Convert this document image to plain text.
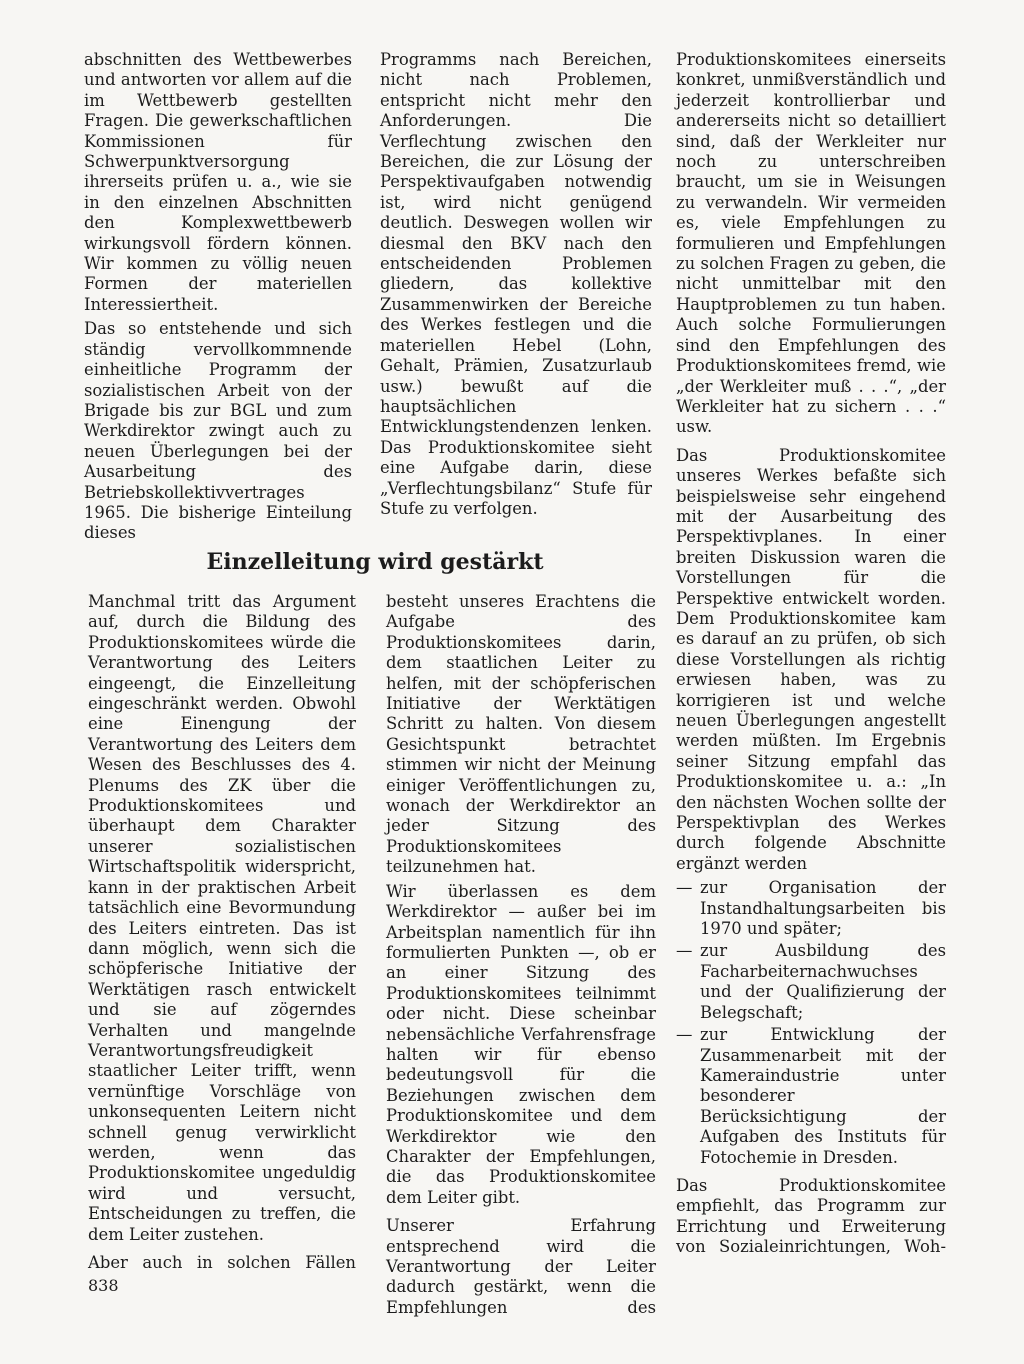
abschnitten des Wettbewerbes und antworten vor allem auf die im Wettbewerb gestellten Fragen. Die gewerkschaftlichen Kommissionen für Schwerpunktversorgung ihrerseits prüfen u. a., wie sie in den einzelnen Abschnitten den Komplexwettbewerb wirkungsvoll fördern können. Wir kommen zu völlig neuen Formen der materiellen Interessiertheit.

Das so entstehende und sich ständig vervollkommnende einheitliche Programm der sozialistischen Arbeit von der Brigade bis zur BGL und zum Werkdirektor zwingt auch zu neuen Überlegungen bei der Ausarbeitung des Betriebskollektivvertrages 1965. Die bisherige Einteilung dieses

Programms nach Bereichen, nicht nach Problemen, entspricht nicht mehr den Anforderungen. Die Verflechtung zwischen den Bereichen, die zur Lösung der Perspektivaufgaben notwendig ist, wird nicht genügend deutlich. Deswegen wollen wir diesmal den BKV nach den entscheidenden Problemen gliedern, das kollektive Zusammenwirken der Bereiche des Werkes festlegen und die materiellen Hebel (Lohn, Gehalt, Prämien, Zusatzurlaub usw.) bewußt auf die hauptsächlichen Entwicklungstendenzen lenken. Das Produktionskomitee sieht eine Aufgabe darin, diese „Verflechtungsbilanz“ Stufe für Stufe zu verfolgen.

Produktionskomitees einerseits konkret, unmißverständlich und jederzeit kontrollierbar und andererseits nicht so detailliert sind, daß der Werkleiter nur noch zu unterschreiben braucht, um sie in Weisungen zu verwandeln. Wir vermeiden es, viele Empfehlungen zu formulieren und Empfehlungen zu solchen Fragen zu geben, die nicht unmittelbar mit den Hauptproblemen zu tun haben. Auch solche Formulierungen sind den Empfehlungen des Produktionskomitees fremd, wie „der Werkleiter muß . . .“, „der Werkleiter hat zu sichern . . .“ usw.

Das Produktionskomitee unseres Werkes befaßte sich beispielsweise sehr eingehend mit der Ausarbeitung des Perspektivplanes. In einer breiten Diskussion waren die Vorstellungen für die Perspektive entwickelt worden. Dem Produktionskomitee kam es darauf an zu prüfen, ob sich diese Vorstellungen als richtig erwiesen haben, was zu korrigieren ist und welche neuen Überlegungen angestellt werden müßten. Im Ergebnis seiner Sitzung empfahl das Produktionskomitee u. a.: „In den nächsten Wochen sollte der Perspektivplan des Werkes durch folgende Abschnitte ergänzt werden

— zur Organisation der Instandhaltungsarbeiten bis 1970 und später;
— zur Ausbildung des Facharbeiternachwuchses und der Qualifizierung der Belegschaft;
— zur Entwicklung der Zusammenarbeit mit der Kameraindustrie unter besonderer Berücksichtigung der Aufgaben des Instituts für Fotochemie in Dresden.

Das Produktionskomitee empfiehlt, das Programm zur Errichtung und Erweiterung von Sozialeinrichtungen, Woh-

Einzelleitung wird gestärkt

Manchmal tritt das Argument auf, durch die Bildung des Produktionskomitees würde die Verantwortung des Leiters eingeengt, die Einzelleitung eingeschränkt werden. Obwohl eine Einengung der Verantwortung des Leiters dem Wesen des Beschlusses des 4. Plenums des ZK über die Produktionskomitees und überhaupt dem Charakter unserer sozialistischen Wirtschaftspolitik widerspricht, kann in der praktischen Arbeit tatsächlich eine Bevormundung des Leiters eintreten. Das ist dann möglich, wenn sich die schöpferische Initiative der Werktätigen rasch entwickelt und sie auf zögerndes Verhalten und mangelnde Verantwortungsfreudigkeit staatlicher Leiter trifft, wenn vernünftige Vorschläge von unkonsequenten Leitern nicht schnell genug verwirklicht werden, wenn das Produktionskomitee ungeduldig wird und versucht, Entscheidungen zu treffen, die dem Leiter zustehen.

Aber auch in solchen Fällen

besteht unseres Erachtens die Aufgabe des Produktionskomitees darin, dem staatlichen Leiter zu helfen, mit der schöpferischen Initiative der Werktätigen Schritt zu halten. Von diesem Gesichtspunkt betrachtet stimmen wir nicht der Meinung einiger Veröffentlichungen zu, wonach der Werkdirektor an jeder Sitzung des Produktionskomitees teilzunehmen hat.

Wir überlassen es dem Werkdirektor — außer bei im Arbeitsplan namentlich für ihn formulierten Punkten —, ob er an einer Sitzung des Produktionskomitees teilnimmt oder nicht. Diese scheinbar nebensächliche Verfahrensfrage halten wir für ebenso bedeutungsvoll für die Beziehungen zwischen dem Produktionskomitee und dem Werkdirektor wie den Charakter der Empfehlungen, die das Produktionskomitee dem Leiter gibt.

Unserer Erfahrung entsprechend wird die Verantwortung der Leiter dadurch gestärkt, wenn die Empfehlungen des

838
